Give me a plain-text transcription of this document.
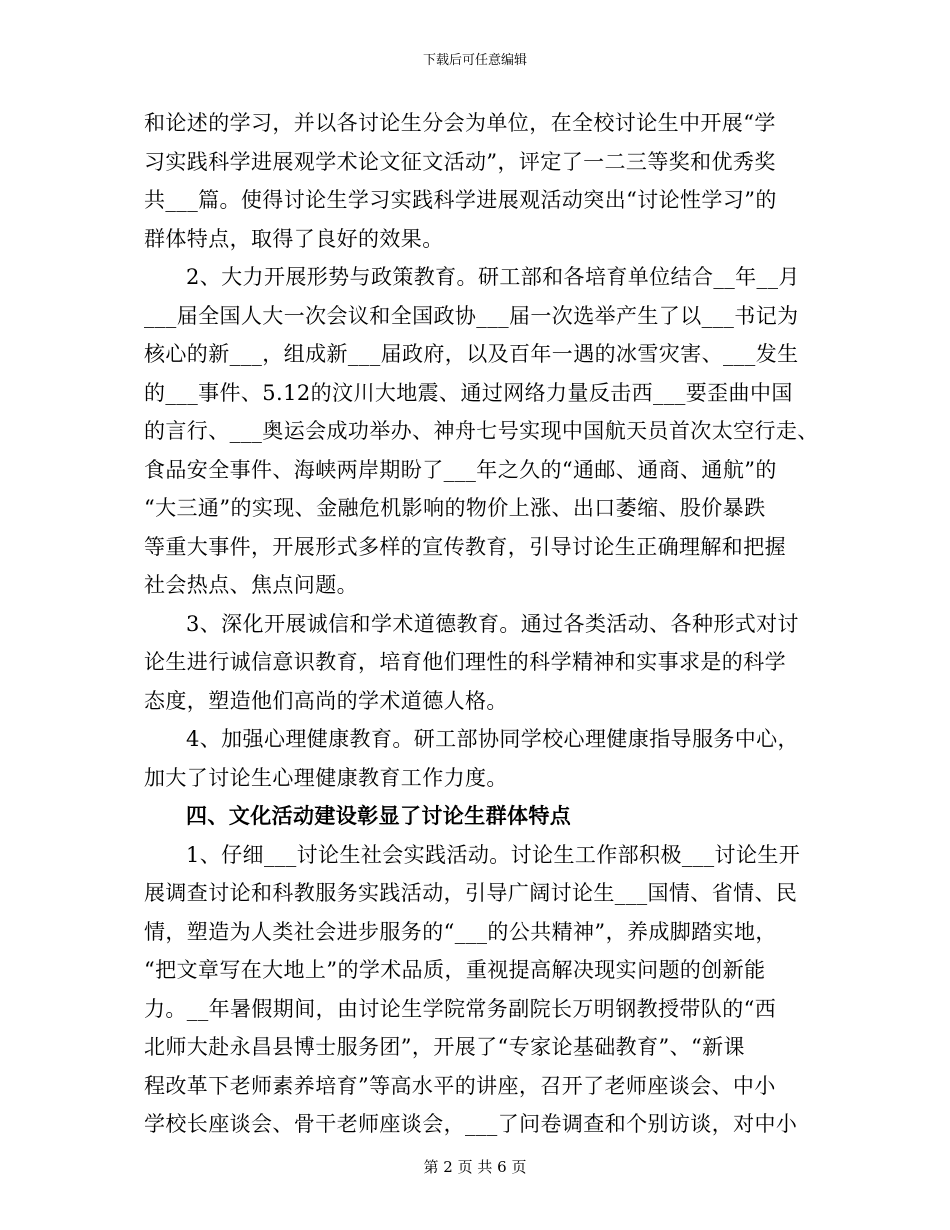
下载后可任意编辑
和论述的学习，并以各讨论生分会为单位，在全校讨论生中开展“学
习实践科学进展观学术论文征文活动”，评定了一二三等奖和优秀奖
共___篇。使得讨论生学习实践科学进展观活动突出“讨论性学习”的
群体特点，取得了良好的效果。
2、大力开展形势与政策教育。研工部和各培育单位结合__年__月
___届全国人大一次会议和全国政协___届一次选举产生了以___书记为
核心的新___，组成新___届政府，以及百年一遇的冰雪灾害、___发生
的___事件、5.12的汶川大地震、通过网络力量反击西___要歪曲中国
的言行、___奥运会成功举办、神舟七号实现中国航天员首次太空行走、
食品安全事件、海峡两岸期盼了___年之久的“通邮、通商、通航”的
“大三通”的实现、金融危机影响的物价上涨、出口萎缩、股价暴跌
等重大事件，开展形式多样的宣传教育，引导讨论生正确理解和把握
社会热点、焦点问题。
3、深化开展诚信和学术道德教育。通过各类活动、各种形式对讨
论生进行诚信意识教育，培育他们理性的科学精神和实事求是的科学
态度，塑造他们高尚的学术道德人格。
4、加强心理健康教育。研工部协同学校心理健康指导服务中心，
加大了讨论生心理健康教育工作力度。
四、文化活动建设彰显了讨论生群体特点
1、仔细___讨论生社会实践活动。讨论生工作部积极___讨论生开
展调查讨论和科教服务实践活动，引导广阔讨论生___国情、省情、民
情，塑造为人类社会进步服务的“___的公共精神”，养成脚踏实地，
“把文章写在大地上”的学术品质，重视提高解决现实问题的创新能
力。__年暑假期间，由讨论生学院常务副院长万明钢教授带队的“西
北师大赴永昌县博士服务团”，开展了“专家论基础教育”、“新课
程改革下老师素养培育”等高水平的讲座，召开了老师座谈会、中小
学校长座谈会、骨干老师座谈会，___了问卷调查和个别访谈，对中小
第 2 页 共 6 页
